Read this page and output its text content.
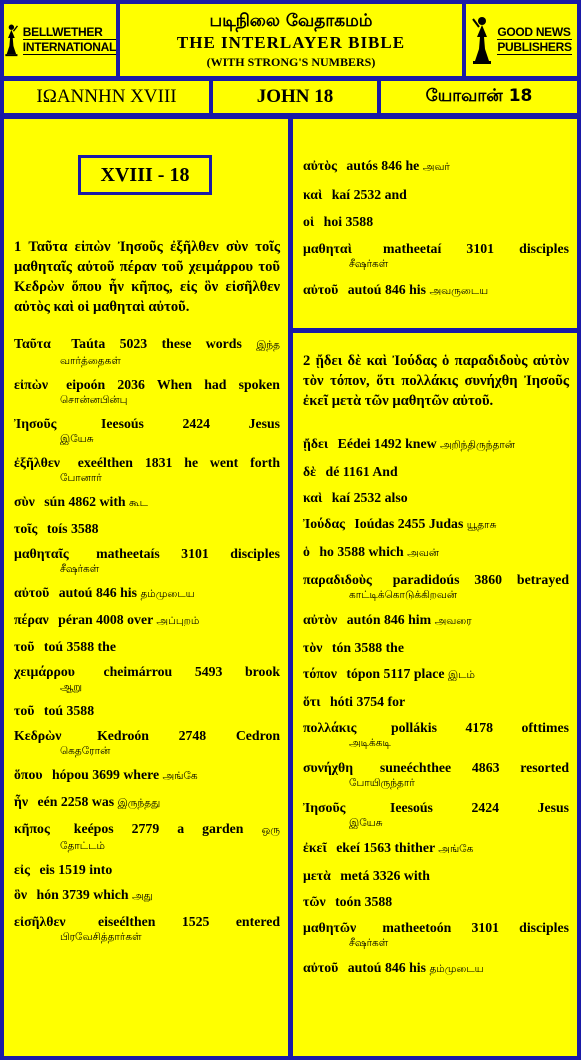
BELLWETHER
INTERNATIONAL
படிநிலை வேதாகமம்
THE INTERLAYER BIBLE
(WITH STRONG'S NUMBERS)
GOOD NEWS
PUBLISHERS
ΙΩΑΝΝΗΝ XVIII	JOHN 18	யோவான் 18
XVIII - 18
1 Ταῦτα εἰπὼν Ἰησοῦς ἐξῆλθεν σὺν τοῖς μαθηταῖς αὐτοῦ πέραν τοῦ χειμάρρου τοῦ Κεδρὼν ὅπου ἦν κῆπος, εἰς ὃν εἰσῆλθεν αὐτὸς καὶ οἱ μαθηταὶ αὐτοῦ.
Ταῦτα Taúta 5023 these words இந்த
வார்த்தைகள்
εἰπὼν eipoón 2036 When had spoken
சொன்னபின்பு
Ἰησοῦς	Ieesoús	2424	Jesus
இயேசு
ἐξῆλθεν exeélthen 1831 he went forth
போனார்
σὺν sún 4862 with கூட
τοῖς toís 3588
μαθηταῖς matheetaís 3101 disciples
சீஷர்கள்
αὐτοῦ autoú 846 his தம்முடைய
πέραν péran 4008 over அப்புறம்
τοῦ toú 3588 the
χειμάρρου cheimárrou 5493 brook
ஆறு
τοῦ toú 3588
Κεδρὼν	Kedroón 2748 Cedron
கெதரோன்
ὅπου hópou 3699 where அங்கே
ἦν eén 2258 was இருந்தது
κῆπος keépos 2779 a garden ஒரு
தோட்டம்
εἰς eis 1519 into
ὃν hón 3739 which அது
εἰσῆλθεν eiseélthen 1525 entered
பிரவேசித்தார்கள்
αὐτὸς autós 846 he அவர்
καὶ kaí 2532 and
οἱ hoi 3588
μαθηταὶ matheetaí 3101 disciples
சீஷர்கள்
αὐτοῦ autoú 846 his அவருடைய
2 ᾔδει δὲ καὶ Ἰούδας ὁ παραδιδοὺς αὐτὸν τὸν τόπον, ὅτι πολλάκις συνήχθη Ἰησοῦς ἐκεῖ μετὰ τῶν μαθητῶν αὐτοῦ.
ᾔδει Eédei 1492 knew அறிந்திருந்தான்
δὲ dé 1161 And
καὶ kaí 2532 also
Ἰούδας Ioúdas 2455 Judas யூதாசு
ὁ ho 3588 which அவன்
παραδιδοὺς paradidoús 3860 betrayed
காட்டிக்கொடுக்கிறவன்
αὐτὸν autón 846 him அவரை
τὸν tón 3588 the
τόπον tópon 5117 place இடம்
ὅτι hóti 3754 for
πολλάκις pollákis 4178 ofttimes
அடிக்கடி
συνήχθη suneéchthee 4863 resorted
போயிருந்தார்
Ἰησοῦς	Ieesoús	2424	Jesus
இயேசு
ἐκεῖ ekeí 1563 thither அங்கே
μετὰ metá 3326 with
τῶν toón 3588
μαθητῶν matheetoón 3101 disciples
சீஷர்கள்
αὐτοῦ autoú 846 his தம்முடைய
